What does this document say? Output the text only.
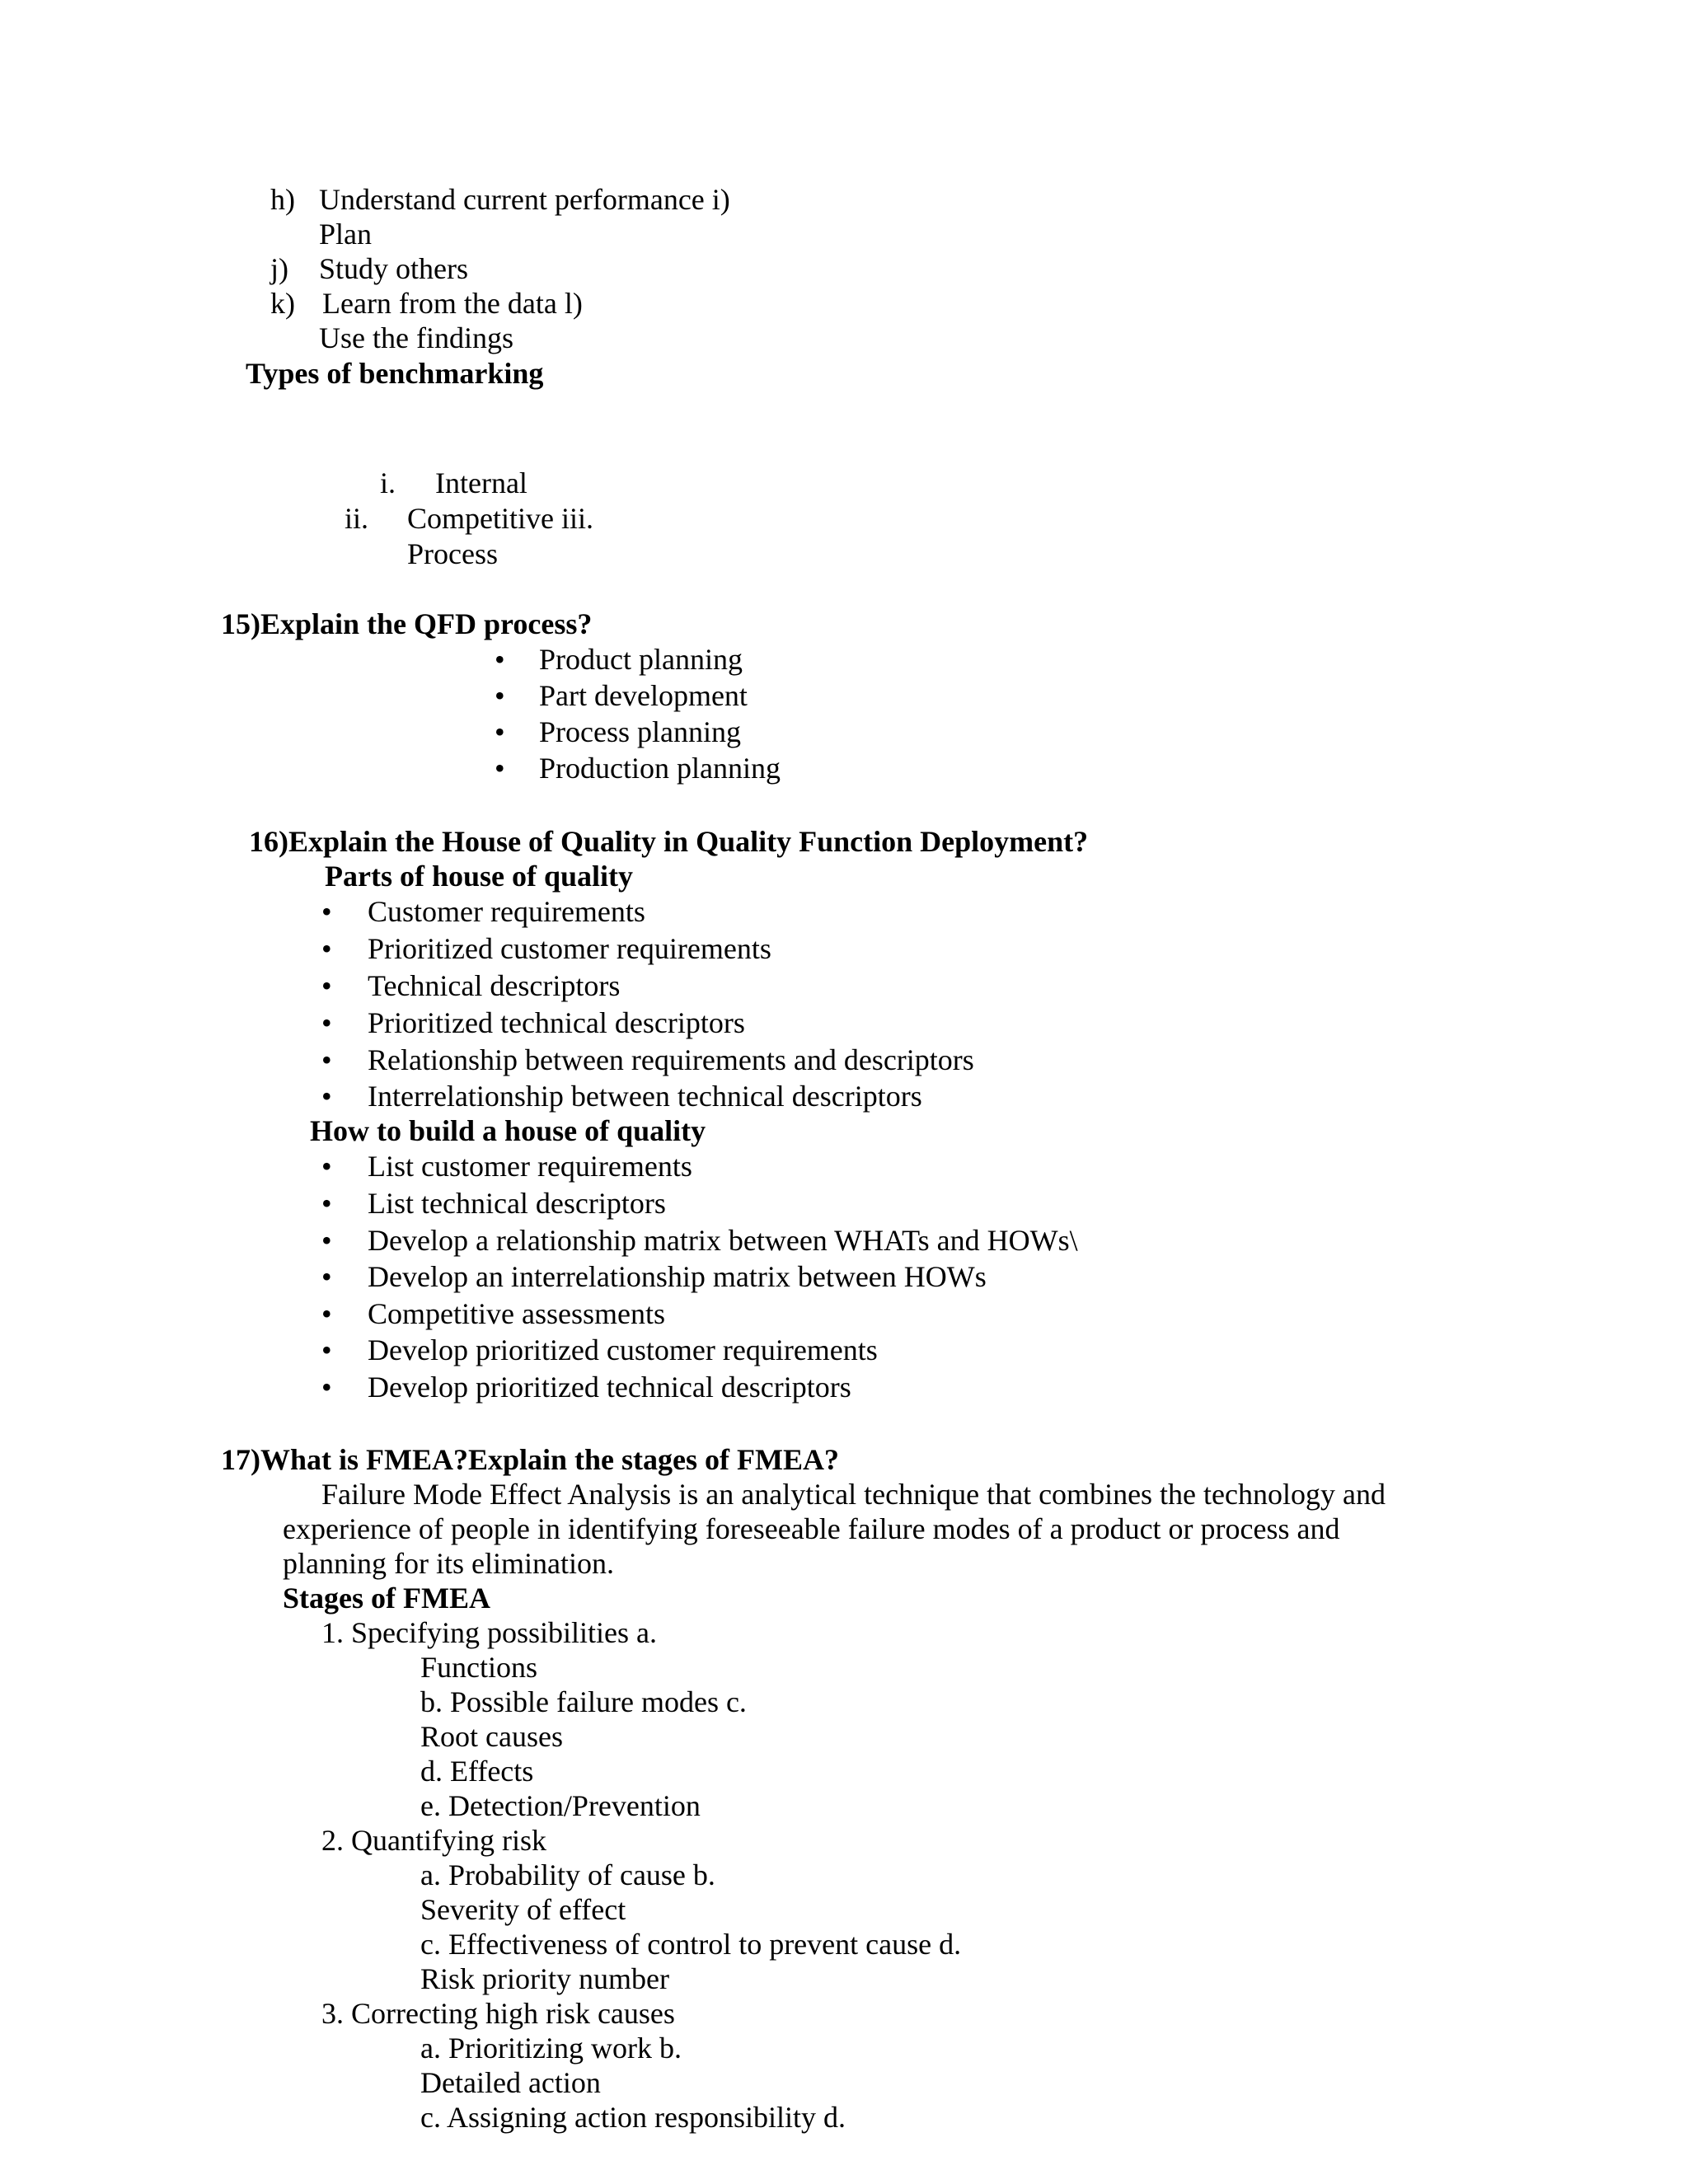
h) Understand current performance i)
Plan
j) Study others
k) Learn from the data l)
Use the findings
Types of benchmarking
i. Internal
ii. Competitive iii.
Process
15)Explain the QFD process?
• Product planning
• Part development
• Process planning
• Production planning
16)Explain the House of Quality in Quality Function Deployment?
Parts of house of quality
• Customer requirements
• Prioritized customer requirements
• Technical descriptors
• Prioritized technical descriptors
• Relationship between requirements and descriptors
• Interrelationship between technical descriptors
How to build a house of quality
• List customer requirements
• List technical descriptors
• Develop a relationship matrix between WHATs and HOWs\
• Develop an interrelationship matrix between HOWs
• Competitive assessments
• Develop prioritized customer requirements
• Develop prioritized technical descriptors
17)What is FMEA?Explain the stages of FMEA?
Failure Mode Effect Analysis is an analytical technique that combines the technology and
experience of people in identifying foreseeable failure modes of a product or process and
planning for its elimination.
Stages of FMEA
1. Specifying possibilities a.
Functions
b. Possible failure modes c.
Root causes
d. Effects
e. Detection/Prevention
2. Quantifying risk
a. Probability of cause b.
Severity of effect
c. Effectiveness of control to prevent cause d.
Risk priority number
3. Correcting high risk causes
a. Prioritizing work b.
Detailed action
c. Assigning action responsibility d.
